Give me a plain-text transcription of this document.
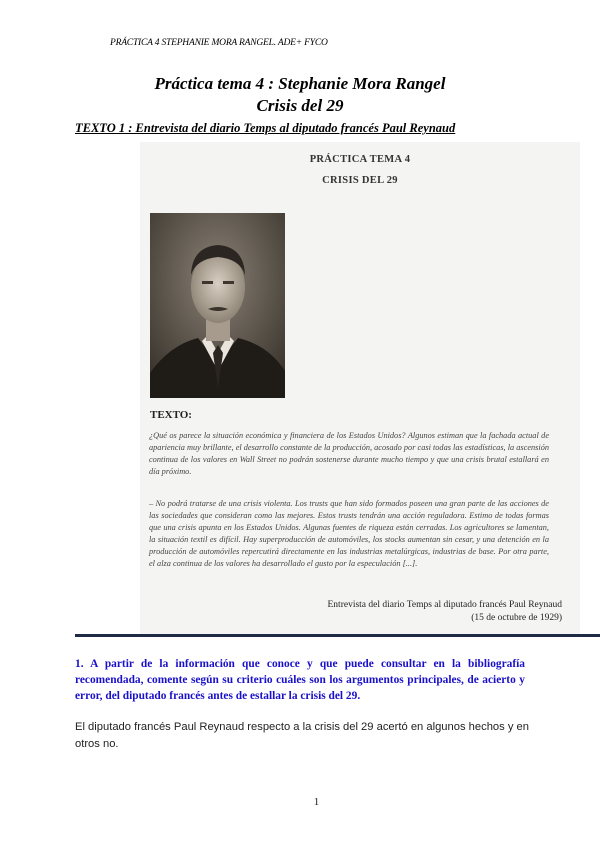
PRÁCTICA 4 STEPHANIE MORA RANGEL. ADE+ FYCO
Práctica tema 4 : Stephanie Mora Rangel
Crisis del 29
TEXTO 1 : Entrevista del diario Temps al diputado francés Paul Reynaud
PRÁCTICA TEMA 4
CRISIS DEL 29
TEXTO:
¿Qué os parece la situación económica y financiera de los Estados Unidos? Algunos estiman que la fachada actual de apariencia muy brillante, el desarrollo constante de la producción, acosado por casi todas las estadísticas, la ascensión continua de los valores en Wall Street no podrán sostenerse durante mucho tiempo y que una crisis brutal estallará en día próximo.
– No podrá tratarse de una crisis violenta. Los trusts que han sido formados poseen una gran parte de las acciones de las sociedades que consideran como las mejores. Estos trusts tendrán una acción reguladora. Estimo de todas formas que una crisis apunta en los Estados Unidos. Algunas fuentes de riqueza están cerradas. Los agricultores se lamentan, la situación textil es difícil. Hay superproducción de automóviles, los stocks aumentan sin cesar, y una detención en la producción de automóviles repercutirá directamente en las industrias metalúrgicas, industrias de base. Por otra parte, el alza continua de los valores ha desarrollado el gusto por la especulación [...].
Entrevista del diario Temps al diputado francés Paul Reynaud
(15 de octubre de 1929)
1. A partir de la información que conoce y que puede consultar en la bibliografía recomendada, comente según su criterio cuáles son los argumentos principales, de acierto y error, del diputado francés antes de estallar la crisis del 29.
El diputado francés Paul Reynaud respecto a la crisis del 29 acertó en algunos hechos y en otros no.
1
